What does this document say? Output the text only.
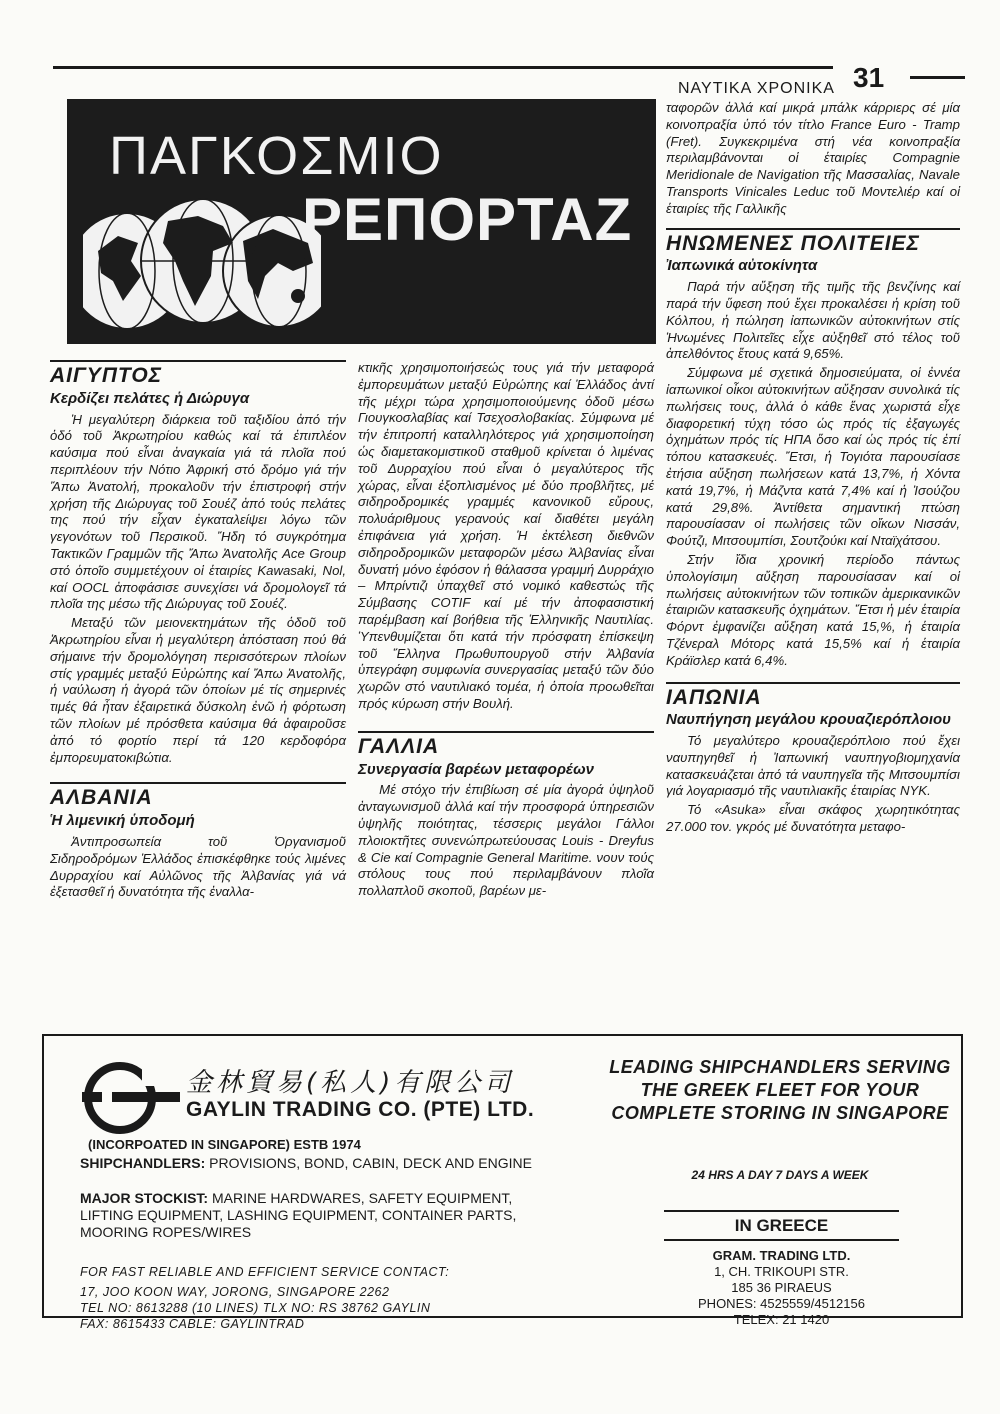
ΝΑΥΤΙΚΑ ΧΡΟΝΙΚΑ 31
ΠΑΓΚΟΣΜΙΟ
ΡΕΠΟΡΤΑΖ
ΑΙΓΥΠΤΟΣ
Κερδίζει πελάτες ἡ Διώρυγα

Ἡ μεγαλύτερη διάρκεια τοῦ ταξιδίου ἀπό τήν ὁδό τοῦ Ἀκρωτηρίου καθώς καί τά ἐπιπλέον καύσιμα πού εἶναι ἀναγκαία γιά τά πλοῖα πού περιπλέουν τήν Νότιο Ἀφρική στό δρόμο γιά τήν Ἄπω Ἀνατολή, προκαλοῦν τήν ἐπιστροφή στήν χρήση τῆς Διώρυγας τοῦ Σουέζ ἀπό τούς πελάτες της πού τήν εἶχαν ἐγκαταλείψει λόγω τῶν γεγονότων τοῦ Περσικοῦ. Ἤδη τό συγκρότημα Τακτικῶν Γραμμῶν τῆς Ἄπω Ἀνατολῆς Ace Group στό ὁποῖο συμμετέχουν οἱ ἑταιρίες Kawasaki, Nol, καί OOCL ἀποφάσισε συνεχίσει νά δρομολογεῖ τά πλοῖα της μέσω τῆς Διώρυγας τοῦ Σουέζ.

Μεταξύ τῶν μειονεκτημάτων τῆς ὁδοῦ τοῦ Ἀκρωτηρίου εἶναι ἡ μεγαλύτερη ἀπόσταση πού θά σήμαινε τήν δρομολόγηση περισσότερων πλοίων στίς γραμμές μεταξύ Εὐρώπης καί Ἄπω Ἀνατολῆς, ἡ ναύλωση ἡ ἀγορά τῶν ὁποίων μέ τίς σημερινές τιμές θά ἦταν ἐξαιρετικά δύσκολη ἐνῶ ἡ φόρτωση τῶν πλοίων μέ πρόσθετα καύσιμα θά ἀφαιροῦσε ἀπό τό φορτίο περί τά 120 κερδοφόρα ἐμπορευματοκιβώτια.

ΑΛΒΑΝΙΑ
Ἡ λιμενική ὑποδομή

Ἀντιπροσωπεία τοῦ Ὀργανισμοῦ Σιδηροδρόμων Ἑλλάδος ἐπισκέφθηκε τούς λιμένες Δυρραχίου καί Αὐλῶνος τῆς Ἀλβανίας γιά νά ἐξετασθεῖ ἡ δυνατότητα τῆς ἐναλλα-

κτικῆς χρησιμοποιήσεώς τους γιά τήν μεταφορά ἐμπορευμάτων μεταξύ Εὐρώπης καί Ἑλλάδος ἀντί τῆς μέχρι τώρα χρησιμοποιούμενης ὁδοῦ μέσω Γιουγκοσλαβίας καί Τσεχοσλοβακίας. Σύμφωνα μέ τήν ἐπιτροπή καταλληλότερος γιά χρησιμοποίηση ὡς διαμετακομιστικοῦ σταθμοῦ κρίνεται ὁ λιμένας τοῦ Δυρραχίου πού εἶναι ὁ μεγαλύτερος τῆς χώρας, εἶναι ἐξοπλισμένος μέ δύο προβλῆτες, μέ σιδηροδρομικές γραμμές κανονικοῦ εὔρους, πολυάριθμους γερανούς καί διαθέτει μεγάλη ἐπιφάνεια γιά χρήση. Ἡ ἐκτέλεση διεθνῶν σιδηροδρομικῶν μεταφορῶν μέσω Ἀλβανίας εἶναι δυνατή μόνο ἐφόσον ἡ θάλασσα γραμμή Δυρράχιο – Μπρίντιζι ὑπαχθεῖ στό νομικό καθεστώς τῆς Σύμβασης COTIF καί μέ τήν ἀποφασιστική παρέμβαση καί βοήθεια τῆς Ἑλληνικῆς Ναυτιλίας. Ὑπενθυμίζεται ὅτι κατά τήν πρόσφατη ἐπίσκεψη τοῦ Ἕλληνα Πρωθυπουργοῦ στήν Ἀλβανία ὑπεγράφη συμφωνία συνεργασίας μεταξύ τῶν δύο χωρῶν στό ναυτιλιακό τομέα, ἡ ὁποία προωθεῖται πρός κύρωση στήν Βουλή.

ΓΑΛΛΙΑ
Συνεργασία βαρέων μεταφορέων

Μέ στόχο τήν ἐπιβίωση σέ μία ἀγορά ὑψηλοῦ ἀνταγωνισμοῦ ἀλλά καί τήν προσφορά ὑπηρεσιῶν ὑψηλῆς ποιότητας, τέσσερις μεγάλοι Γάλλοι πλοιοκτῆτες συνενώπρωτεύουσας Louis - Dreyfus & Cie καί Compagnie General Maritime. νουν τούς στόλους τους πού περιλαμβάνουν πλοῖα πολλαπλοῦ σκοποῦ, βαρέων με-

ταφορῶν ἀλλά καί μικρά μπάλκ κάρριερς σέ μία κοινοπραξία ὑπό τόν τίτλο France Euro - Tramp (Fret). Συγκεκριμένα στή νέα κοινοπραξία περιλαμβάνονται οἱ ἑταιρίες Compagnie Meridionale de Navigation τῆς Μασσαλίας, Navale Transports Vinicales Leduc τοῦ Μοντελιέρ καί οἱ ἑταιρίες τῆς Γαλλικῆς

ΗΝΩΜΕΝΕΣ ΠΟΛΙΤΕΙΕΣ
Ἰαπωνικά αὐτοκίνητα

Παρά τήν αὔξηση τῆς τιμῆς τῆς βενζίνης καί παρά τήν ὕφεση πού ἔχει προκαλέσει ἡ κρίση τοῦ Κόλπου, ἡ πώληση ἰαπωνικῶν αὐτοκινήτων στίς Ἡνωμένες Πολιτεῖες εἶχε αὐξηθεῖ στό τέλος τοῦ ἀπελθόντος ἔτους κατά 9,65%.

Σύμφωνα μέ σχετικά δημοσιεύματα, οἱ ἐννέα ἰαπωνικοί οἶκοι αὐτοκινήτων αὔξησαν συνολικά τίς πωλήσεις τους, ἀλλά ὁ κάθε ἕνας χωριστά εἶχε διαφορετική τύχη τόσο ὡς πρός τίς ἐξαγωγές ὀχημάτων πρός τίς ΗΠΑ ὅσο καί ὡς πρός τίς ἐπί τόπου κατασκευές. Ἔτσι, ἡ Τογιότα παρουσίασε ἐτήσια αὔξηση πωλήσεων κατά 13,7%, ἡ Χόντα κατά 19,7%, ἡ Μάζντα κατά 7,4% καί ἡ Ἰσούζου κατά 29,8%. Ἀντίθετα σημαντική πτώση παρουσίασαν οἱ πωλήσεις τῶν οἴκων Νισσάν, Φούτζι, Μιτσουμπίσι, Σουτζούκι καί Νταϊχάτσου.

Στήν ἴδια χρονική περίοδο πάντως ὑπολογίσιμη αὔξηση παρουσίασαν καί οἱ πωλήσεις αὐτοκινήτων τῶν τοπικῶν ἀμερικανικῶν ἑταιριῶν κατασκευῆς ὀχημάτων. Ἔτσι ἡ μέν ἑταιρία Φόρντ ἐμφανίζει αὔξηση κατά 15,%, ἡ ἑταιρία Τζένεραλ Μότορς κατά 15,5% καί ἡ ἑταιρία Κράϊσλερ κατά 6,4%.

ΙΑΠΩΝΙΑ
Ναυπήγηση μεγάλου κρουαζιερόπλοιου

Τό μεγαλύτερο κρουαζιερόπλοιο πού ἔχει ναυπηγηθεῖ ἡ Ἰαπωνική ναυπηγοβιομηχανία κατασκευάζεται ἀπό τά ναυπηγεῖα τῆς Μιτσουμπίσι γιά λογαριασμό τῆς ναυτιλιακῆς ἑταιρίας ΝΥΚ.

Τό «Asuka» εἶναι σκάφος χωρητικότητας 27.000 τον. γκρός μέ δυνατότητα μεταφο-

金林貿易(私人)有限公司
GAYLIN TRADING CO. (PTE) LTD.
(INCORPOATED IN SINGAPORE) ESTB 1974
SHIPCHANDLERS: PROVISIONS, BOND, CABIN, DECK AND ENGINE
MAJOR STOCKIST: MARINE HARDWARES, SAFETY EQUIPMENT,
LIFTING EQUIPMENT, LASHING EQUIPMENT, CONTAINER PARTS, MOORING ROPES/WIRES
FOR FAST RELIABLE AND EFFICIENT SERVICE CONTACT:
17, JOO KOON WAY, JORONG, SINGAPORE 2262
TEL NO: 8613288 (10 LINES) TLX NO: RS 38762 GAYLIN
FAX: 8615433 CABLE: GAYLINTRAD
LEADING SHIPCHANDLERS SERVING THE GREEK FLEET FOR YOUR COMPLETE STORING IN SINGAPORE
24 HRS A DAY 7 DAYS A WEEK
IN GREECE
GRAM. TRADING LTD.
1, CH. TRIKOUPI STR.
185 36 PIRAEUS
PHONES: 4525559/4512156
TELEX: 21 1420
